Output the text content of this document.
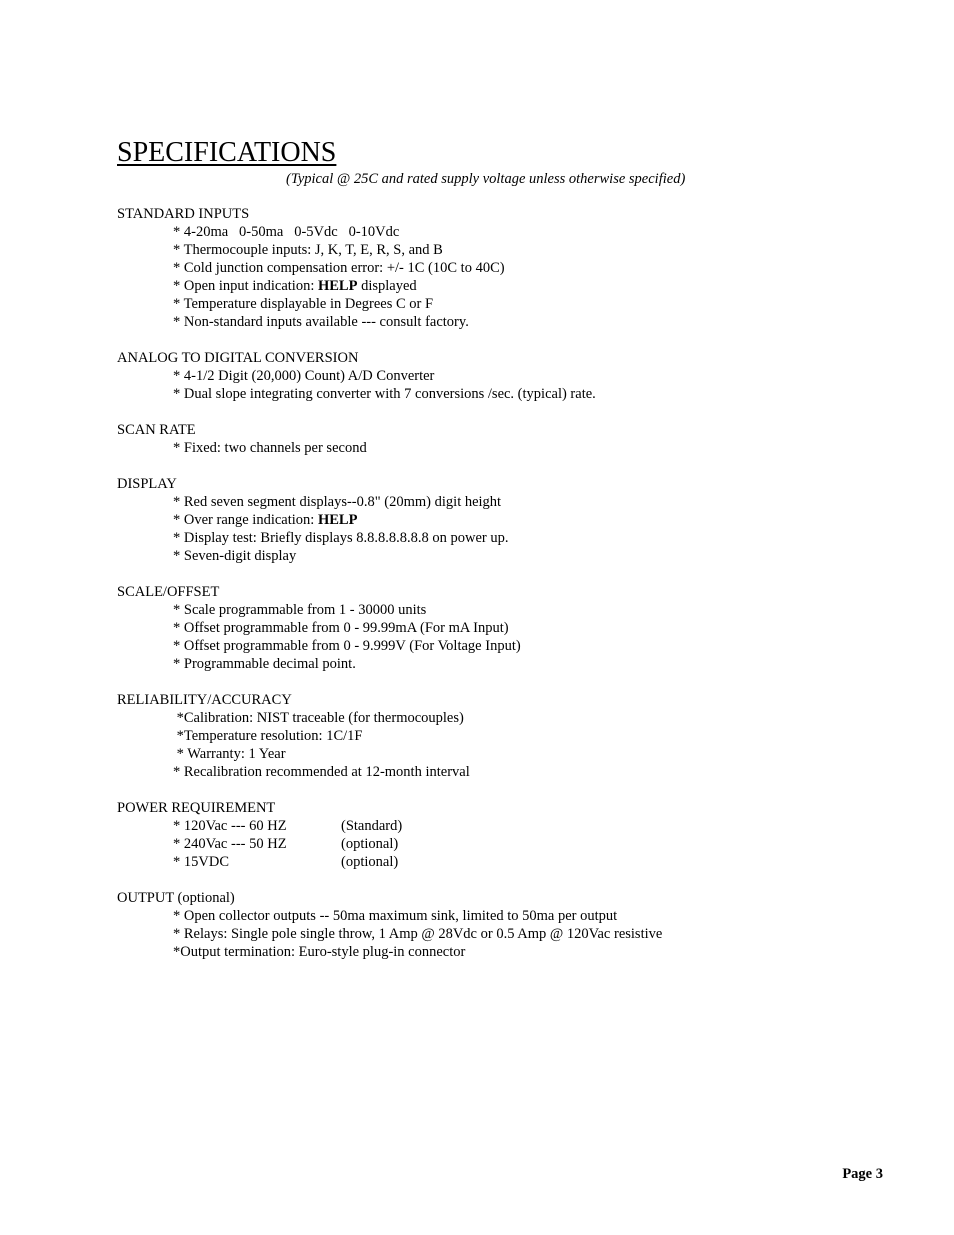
SPECIFICATIONS
(Typical @ 25C and rated supply voltage unless otherwise specified)
STANDARD INPUTS
* 4-20ma   0-50ma   0-5Vdc   0-10Vdc
* Thermocouple inputs: J, K, T, E, R, S, and B
* Cold junction compensation error: +/- 1C (10C to 40C)
* Open input indication: HELP displayed
* Temperature displayable in Degrees C or F
* Non-standard inputs available --- consult factory.
ANALOG TO DIGITAL CONVERSION
* 4-1/2 Digit (20,000) Count) A/D Converter
* Dual slope integrating converter with 7 conversions /sec. (typical) rate.
SCAN RATE
* Fixed: two channels per second
DISPLAY
* Red seven segment displays--0.8" (20mm) digit height
* Over range indication: HELP
* Display test: Briefly displays 8.8.8.8.8.8.8 on power up.
* Seven-digit display
SCALE/OFFSET
* Scale programmable from 1 - 30000 units
* Offset programmable from 0 - 99.99mA (For mA Input)
* Offset programmable from 0 - 9.999V (For Voltage Input)
* Programmable decimal point.
RELIABILITY/ACCURACY
*Calibration: NIST traceable (for thermocouples)
*Temperature resolution: 1C/1F
* Warranty: 1 Year
* Recalibration recommended at 12-month interval
POWER REQUIREMENT
* 120Vac --- 60 HZ	(Standard)
* 240Vac --- 50 HZ	(optional)
* 15VDC	(optional)
OUTPUT (optional)
* Open collector outputs -- 50ma maximum sink, limited to 50ma per output
* Relays: Single pole single throw, 1 Amp @ 28Vdc or 0.5 Amp @ 120Vac resistive
*Output termination: Euro-style plug-in connector
Page 3
